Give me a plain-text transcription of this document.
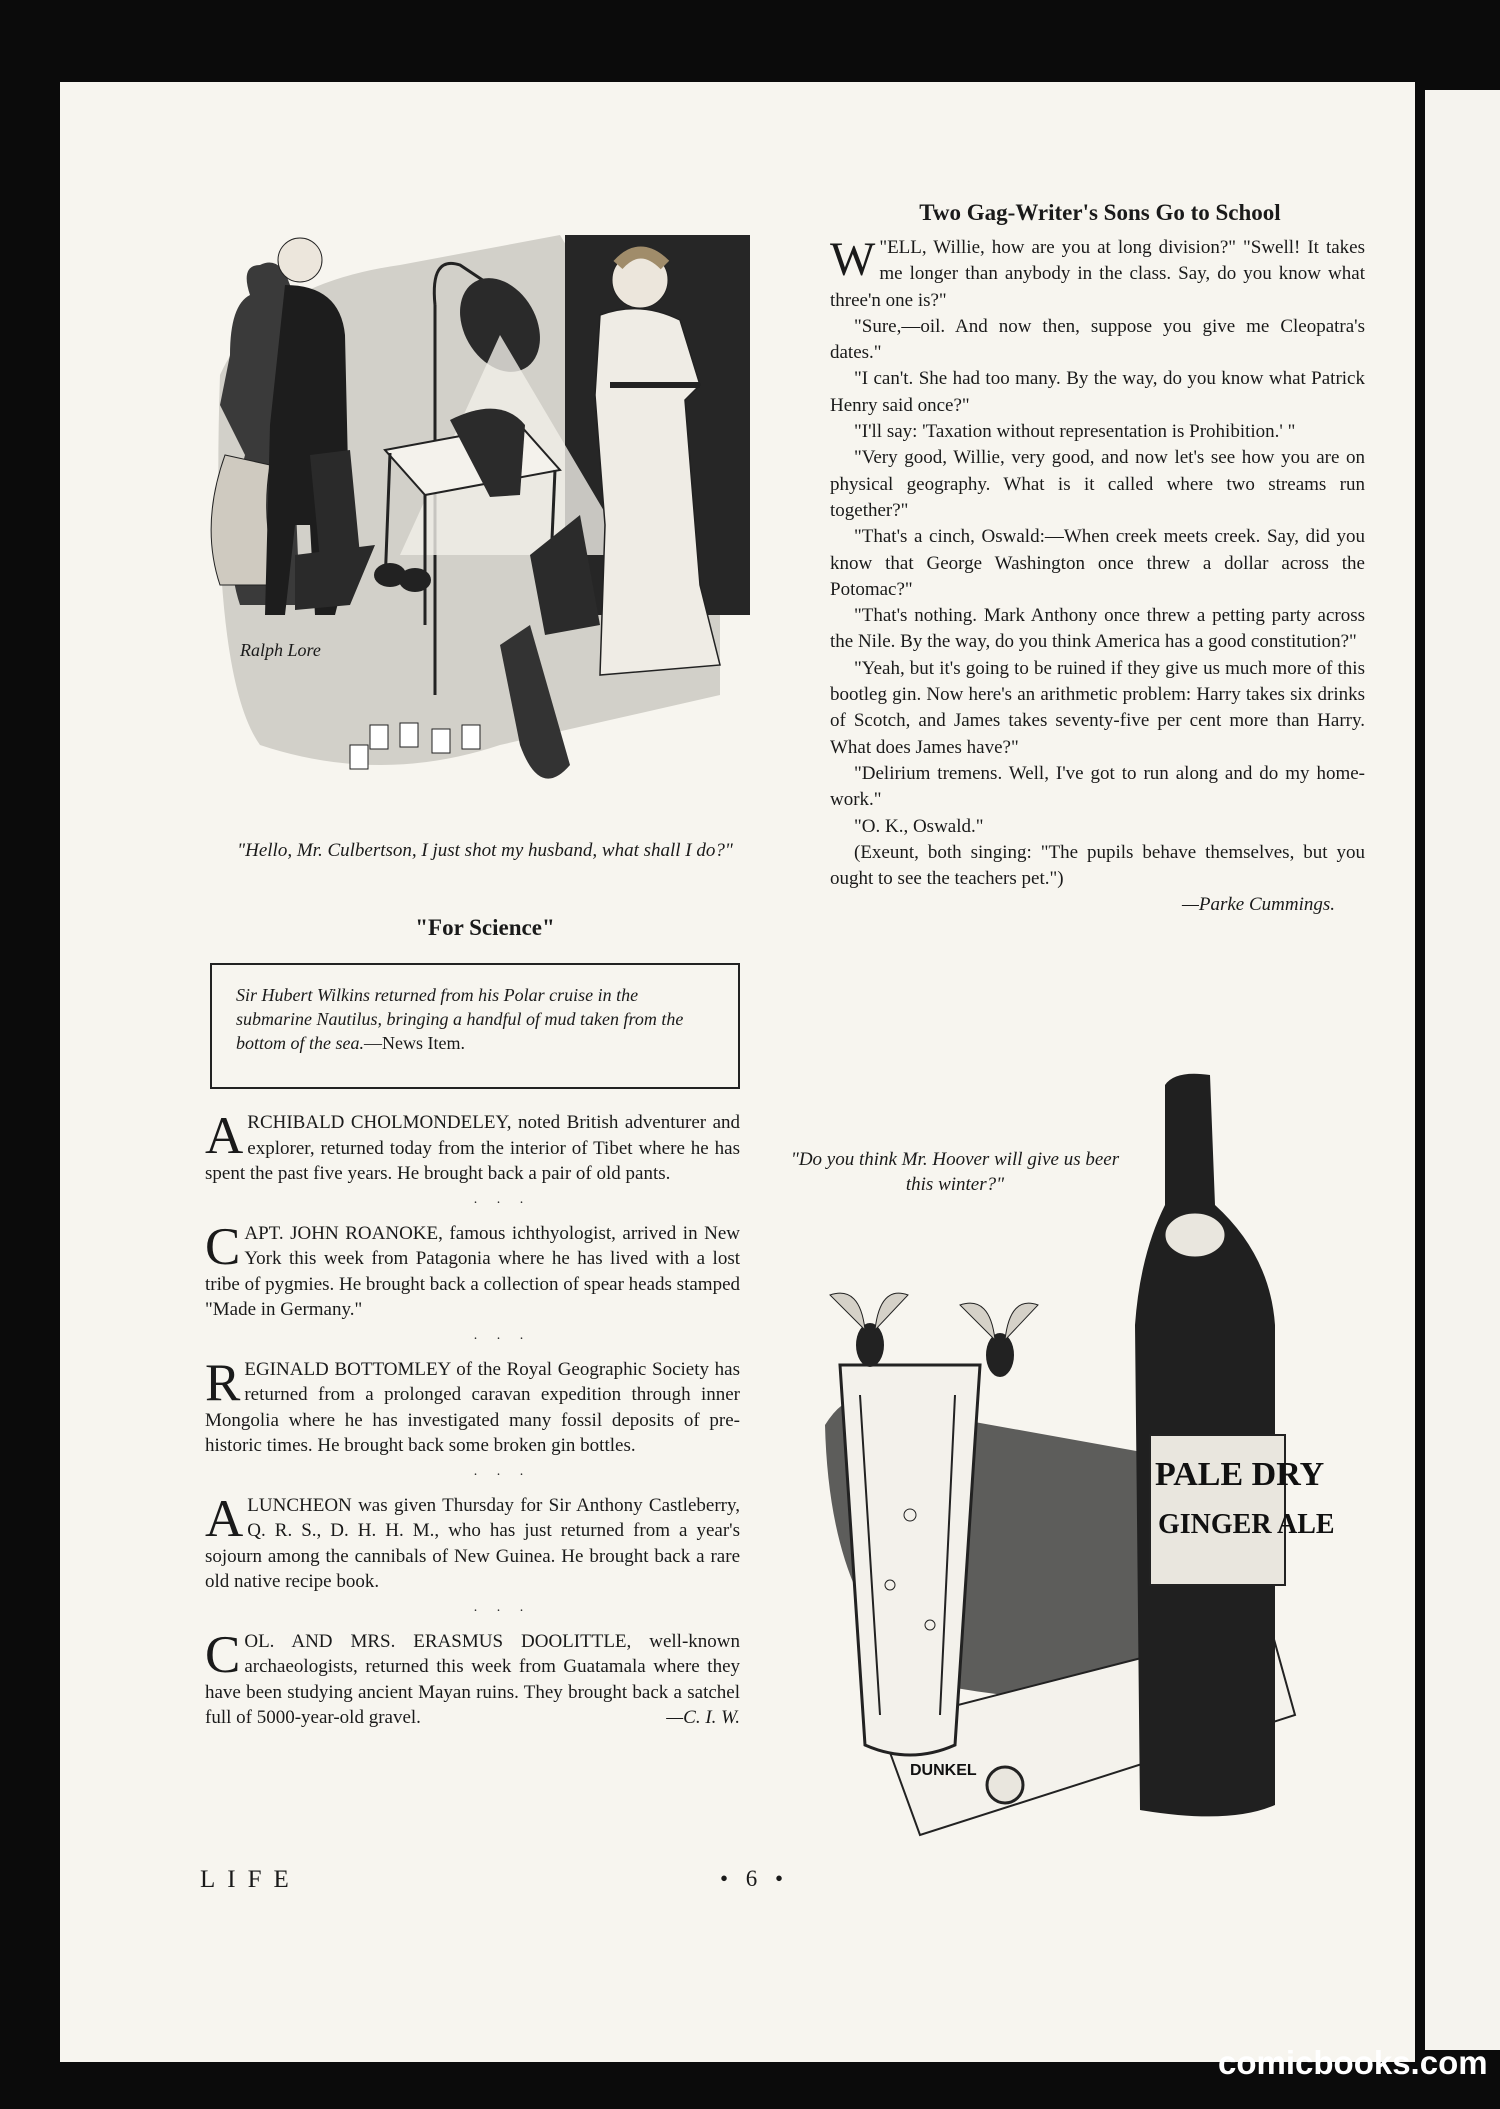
Ralph Lore
"Hello, Mr. Culbertson, I just shot my husband, what shall I do?"
"For Science"
Sir Hubert Wilkins returned from his Polar cruise in the submarine Nautilus, bringing a handful of mud taken from the bottom of the sea.—News Item.

ARCHIBALD CHOLMONDELEY, noted British adventurer and explorer, returned today from the interior of Tibet where he has spent the past five years. He brought back a pair of old pants.

. . .

CAPT. JOHN ROANOKE, famous ichthyologist, arrived in New York this week from Patagonia where he has lived with a lost tribe of pygmies. He brought back a collection of spear heads stamped "Made in Germany."

. . .

REGINALD BOTTOMLEY of the Royal Geographic Society has returned from a prolonged caravan expedition through inner Mongolia where he has investigated many fossil deposits of pre-historic times. He brought back some broken gin bottles.

. . .

ALUNCHEON was given Thursday for Sir Anthony Castleberry, Q. R. S., D. H. H. M., who has just returned from a year's sojourn among the cannibals of New Guinea. He brought back a rare old native recipe book.

. . .

COL. AND MRS. ERASMUS DOOLITTLE, well-known archaeologists, returned this week from Guatamala where they have been studying ancient Mayan ruins. They brought back a satchel full of 5000-year-old gravel.	—C. I. W.

LIFE	• 6 •
Two Gag-Writer's Sons Go to School

W "ELL, Willie, how are you at long division?" "Swell! It takes me longer than anybody in the class. Say, do you know what three'n one is?"

"Sure,—oil. And now then, suppose you give me Cleopatra's dates."

"I can't. She had too many. By the way, do you know what Patrick Henry said once?"

"I'll say: 'Taxation without representation is Prohibition.' "

"Very good, Willie, very good, and now let's see how you are on physical geography. What is it called where two streams run together?"

"That's a cinch, Oswald:—When creek meets creek. Say, did you know that George Washington once threw a dollar across the Potomac?"

"That's nothing. Mark Anthony once threw a petting party across the Nile. By the way, do you think America has a good constitution?"

"Yeah, but it's going to be ruined if they give us much more of this bootleg gin. Now here's an arithmetic problem: Harry takes six drinks of Scotch, and James takes seventy-five per cent more than Harry. What does James have?"

"Delirium tremens. Well, I've got to run along and do my home-work."

"O. K., Oswald."

(Exeunt, both singing: "The pupils behave themselves, but you ought to see the teachers pet.")

—Parke Cummings.
PALE DRY
GINGER ALE
DUNKEL
"Do you think Mr. Hoover will give us beer this winter?"
comicbooks.com
